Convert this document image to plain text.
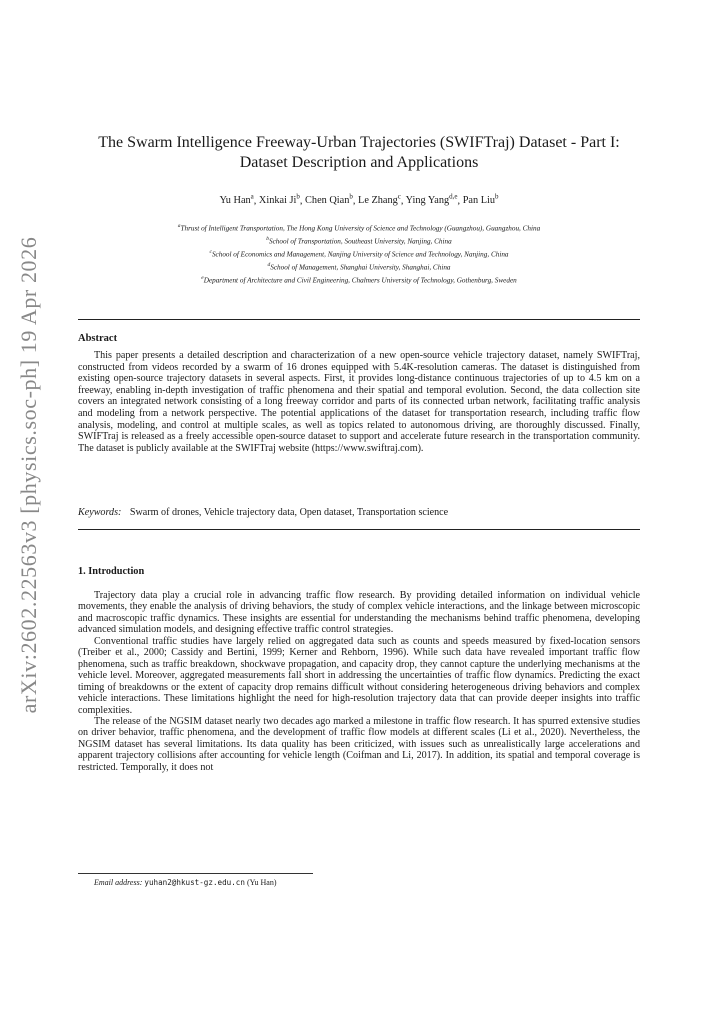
arXiv:2602.22563v3 [physics.soc-ph] 19 Apr 2026
The Swarm Intelligence Freeway-Urban Trajectories (SWIFTraj) Dataset - Part I:
Dataset Description and Applications
Yu Han$^a$, Xinkai Ji$^b$, Chen Qian$^b$, Le Zhang$^c$, Ying Yang$^{d,e}$, Pan Liu$^b$
$^a$Thrust of Intelligent Transportation, The Hong Kong University of Science and Technology (Guangzhou), Guangzhou, China
$^b$School of Transportation, Southeast University, Nanjing, China
$^c$School of Economics and Management, Nanjing University of Science and Technology, Nanjing, China
$^d$School of Management, Shanghai University, Shanghai, China
$^e$Department of Architecture and Civil Engineering, Chalmers University of Technology, Gothenburg, Sweden
Abstract

This paper presents a detailed description and characterization of a new open-source vehicle trajectory dataset, namely SWIFTraj, constructed from videos recorded by a swarm of 16 drones equipped with 5.4K-resolution cameras. The dataset is distinguished from existing open-source trajectory datasets in several aspects. First, it provides long-distance continuous trajectories of up to 4.5 km on a freeway, enabling in-depth investigation of traffic phenomena and their spatial and temporal evolution. Second, the data collection site covers an integrated network consisting of a long freeway corridor and parts of its connected urban network, facilitating traffic analysis and modeling from a network perspective. The potential applications of the dataset for transportation research, including traffic flow analysis, modeling, and control at multiple scales, as well as topics related to autonomous driving, are thoroughly discussed. Finally, SWIFTraj is released as a freely accessible open-source dataset to support and accelerate future research in the transportation community. The dataset is publicly available at the SWIFTraj website (https://www.swiftraj.com).

Keywords: Swarm of drones, Vehicle trajectory data, Open dataset, Transportation science
1. Introduction

Trajectory data play a crucial role in advancing traffic flow research. By providing detailed information on individual vehicle movements, they enable the analysis of driving behaviors, the study of complex vehicle interactions, and the linkage between microscopic and macroscopic traffic dynamics. These insights are essential for understanding the mechanisms behind traffic phenomena, developing advanced simulation models, and designing effective traffic control strategies.

Conventional traffic studies have largely relied on aggregated data such as counts and speeds measured by fixed-location sensors (Treiber et al., 2000; Cassidy and Bertini, 1999; Kerner and Rehborn, 1996). While such data have revealed important traffic flow phenomena, such as traffic breakdown, shockwave propagation, and capacity drop, they cannot capture the underlying mechanisms at the vehicle level. Moreover, aggregated measurements fall short in addressing the uncertainties of traffic flow dynamics. Predicting the exact timing of breakdowns or the extent of capacity drop remains difficult without considering heterogeneous driving behaviors and complex vehicle interactions. These limitations highlight the need for high-resolution trajectory data that can provide deeper insights into traffic complexities.

The release of the NGSIM dataset nearly two decades ago marked a milestone in traffic flow research. It has spurred extensive studies on driver behavior, traffic phenomena, and the development of traffic flow models at different scales (Li et al., 2020). Nevertheless, the NGSIM dataset has several limitations. Its data quality has been criticized, with issues such as unrealistically large accelerations and apparent trajectory collisions after accounting for vehicle length (Coifman and Li, 2017). In addition, its spatial and temporal coverage is restricted. Temporally, it does not

Email address: yuhan2@hkust-gz.edu.cn (Yu Han)
